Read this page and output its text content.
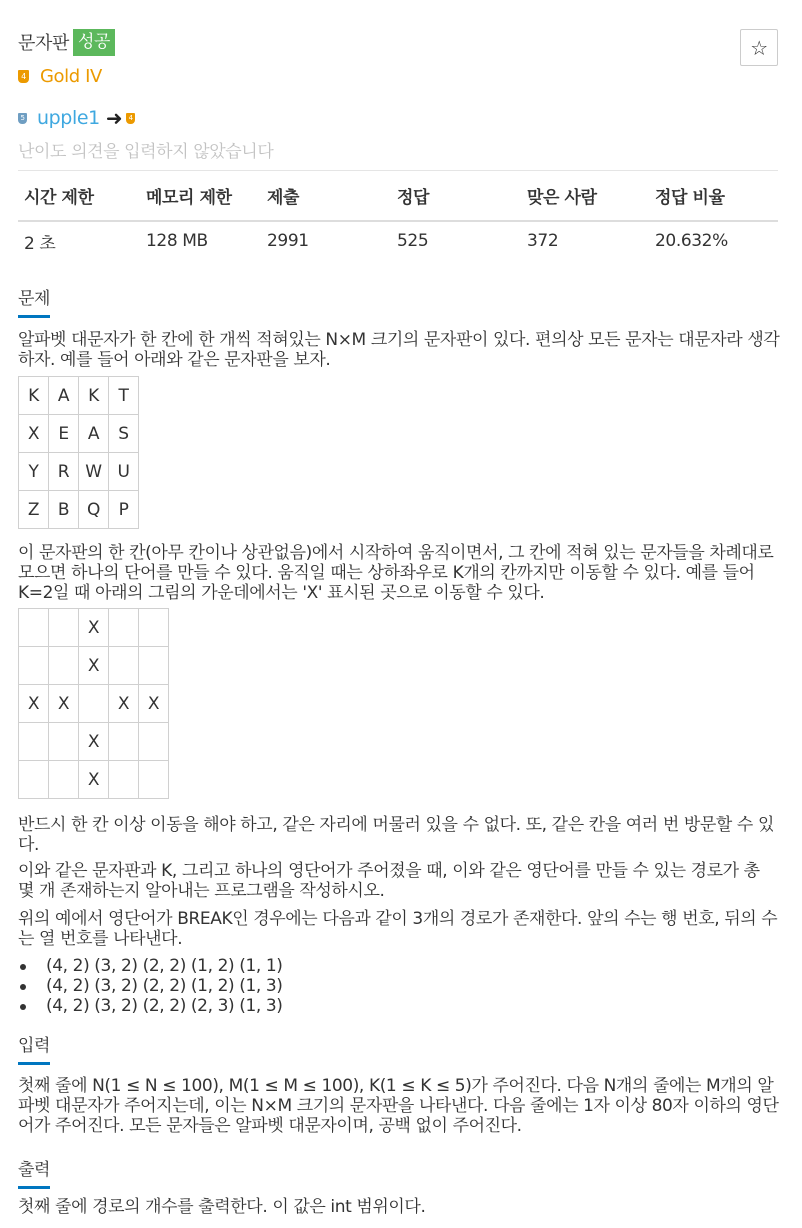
문자판 성공	☆
4 Gold IV
5 upple1 ➜ 4
난이도 의견을 입력하지 않았습니다
시간 제한	메모리 제한	제출	정답	맞은 사람	정답 비율
2 초	128 MB	2991	525	372	20.632%
문제
알파벳 대문자가 한 칸에 한 개씩 적혀있는 N×M 크기의 문자판이 있다. 편의상 모든 문자는 대문자라 생각하자. 예를 들어 아래와 같은 문자판을 보자.
K	A	K	T
X	E	A	S
Y	R	W	U
Z	B	Q	P
이 문자판의 한 칸(아무 칸이나 상관없음)에서 시작하여 움직이면서, 그 칸에 적혀 있는 문자들을 차례대로 모으면 하나의 단어를 만들 수 있다. 움직일 때는 상하좌우로 K개의 칸까지만 이동할 수 있다. 예를 들어 K=2일 때 아래의 그림의 가운데에서는 'X' 표시된 곳으로 이동할 수 있다.
		X		
		X		
X	X		X	X
		X		
		X		
반드시 한 칸 이상 이동을 해야 하고, 같은 자리에 머물러 있을 수 없다. 또, 같은 칸을 여러 번 방문할 수 있다.
이와 같은 문자판과 K, 그리고 하나의 영단어가 주어졌을 때, 이와 같은 영단어를 만들 수 있는 경로가 총 몇 개 존재하는지 알아내는 프로그램을 작성하시오.
위의 예에서 영단어가 BREAK인 경우에는 다음과 같이 3개의 경로가 존재한다. 앞의 수는 행 번호, 뒤의 수는 열 번호를 나타낸다.
(4, 2) (3, 2) (2, 2) (1, 2) (1, 1)
(4, 2) (3, 2) (2, 2) (1, 2) (1, 3)
(4, 2) (3, 2) (2, 2) (2, 3) (1, 3)
입력
첫째 줄에 N(1 ≤ N ≤ 100), M(1 ≤ M ≤ 100), K(1 ≤ K ≤ 5)가 주어진다. 다음 N개의 줄에는 M개의 알파벳 대문자가 주어지는데, 이는 N×M 크기의 문자판을 나타낸다. 다음 줄에는 1자 이상 80자 이하의 영단어가 주어진다. 모든 문자들은 알파벳 대문자이며, 공백 없이 주어진다.
출력
첫째 줄에 경로의 개수를 출력한다. 이 값은 int 범위이다.
